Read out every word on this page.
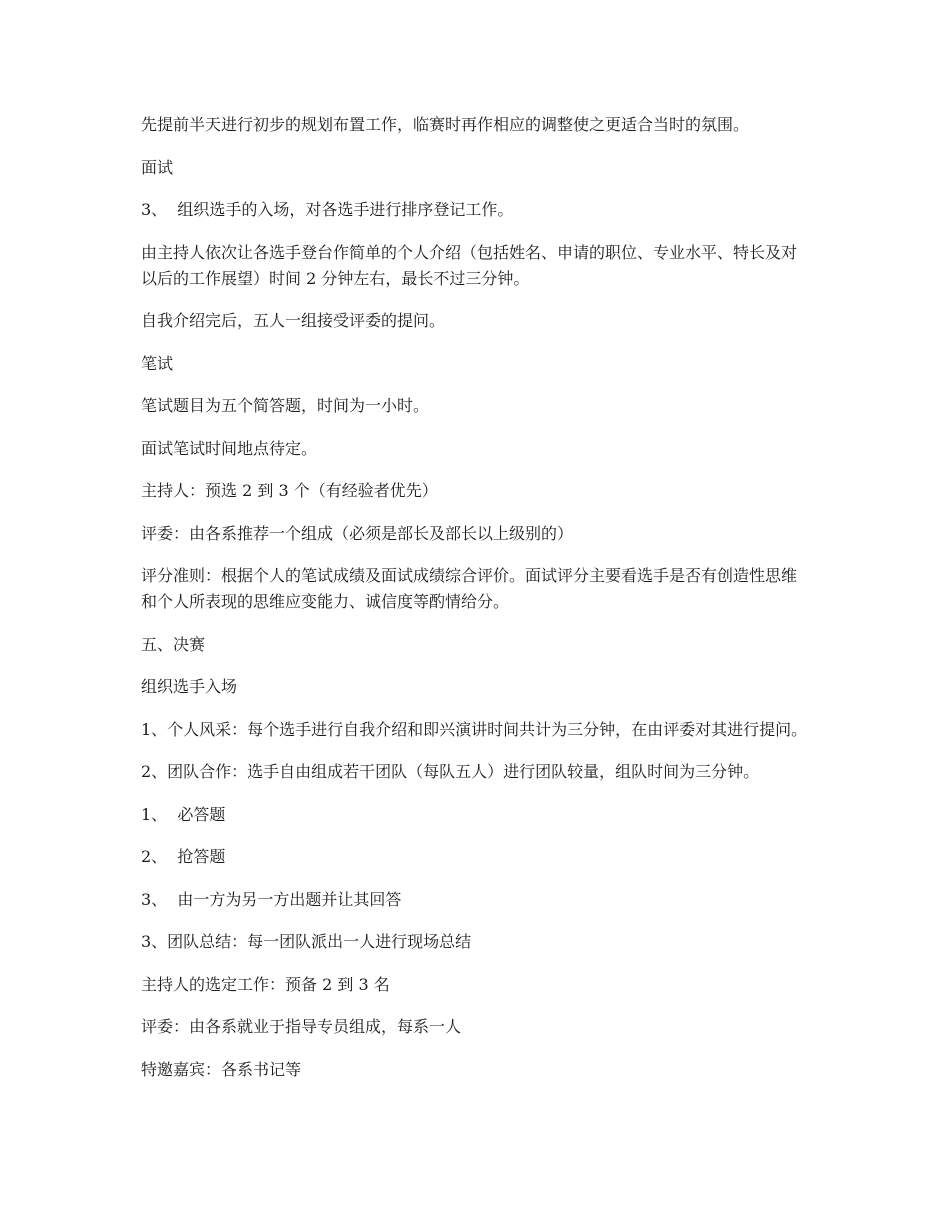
先提前半天进行初步的规划布置工作，临赛时再作相应的调整使之更适合当时的氛围。

面试

3、  组织选手的入场，对各选手进行排序登记工作。

由主持人依次让各选手登台作简单的个人介绍（包括姓名、申请的职位、专业水平、特长及对以后的工作展望）时间 2 分钟左右，最长不过三分钟。

自我介绍完后，五人一组接受评委的提问。

笔试

笔试题目为五个简答题，时间为一小时。

面试笔试时间地点待定。

主持人：预选 2 到 3 个（有经验者优先）

评委：由各系推荐一个组成（必须是部长及部长以上级别的）

评分准则：根据个人的笔试成绩及面试成绩综合评价。面试评分主要看选手是否有创造性思维和个人所表现的思维应变能力、诚信度等酌情给分。

五、决赛

组织选手入场

1、个人风采：每个选手进行自我介绍和即兴演讲时间共计为三分钟，在由评委对其进行提问。

2、团队合作：选手自由组成若干团队（每队五人）进行团队较量，组队时间为三分钟。

1、  必答题

2、  抢答题

3、  由一方为另一方出题并让其回答

3、团队总结：每一团队派出一人进行现场总结

主持人的选定工作：预备 2 到 3 名

评委：由各系就业于指导专员组成，每系一人

特邀嘉宾：各系书记等
